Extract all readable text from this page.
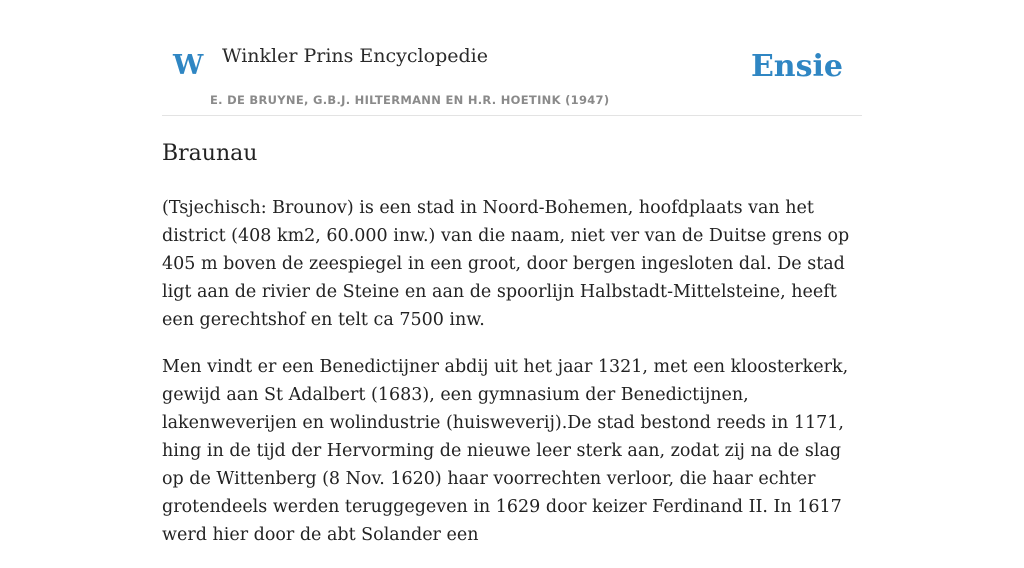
W Winkler Prins Encyclopedie
E. DE BRUYNE, G.B.J. HILTERMANN EN H.R. HOETINK (1947)
Ensie
Braunau

(Tsjechisch: Brounov) is een stad in Noord-Bohemen, hoofdplaats van het district (408 km2, 60.000 inw.) van die naam, niet ver van de Duitse grens op 405 m boven de zeespiegel in een groot, door bergen ingesloten dal. De stad ligt aan de rivier de Steine en aan de spoorlijn Halbstadt-Mittelsteine, heeft een gerechtshof en telt ca 7500 inw.

Men vindt er een Benedictijner abdij uit het jaar 1321, met een kloosterkerk, gewijd aan St Adalbert (1683), een gymnasium der Benedictijnen, lakenweverijen en wolindustrie (huisweverij).De stad bestond reeds in 1171, hing in de tijd der Hervorming de nieuwe leer sterk aan, zodat zij na de slag op de Wittenberg (8 Nov. 1620) haar voorrechten verloor, die haar echter grotendeels werden teruggegeven in 1629 door keizer Ferdinand II. In 1617 werd hier door de abt Solander een
